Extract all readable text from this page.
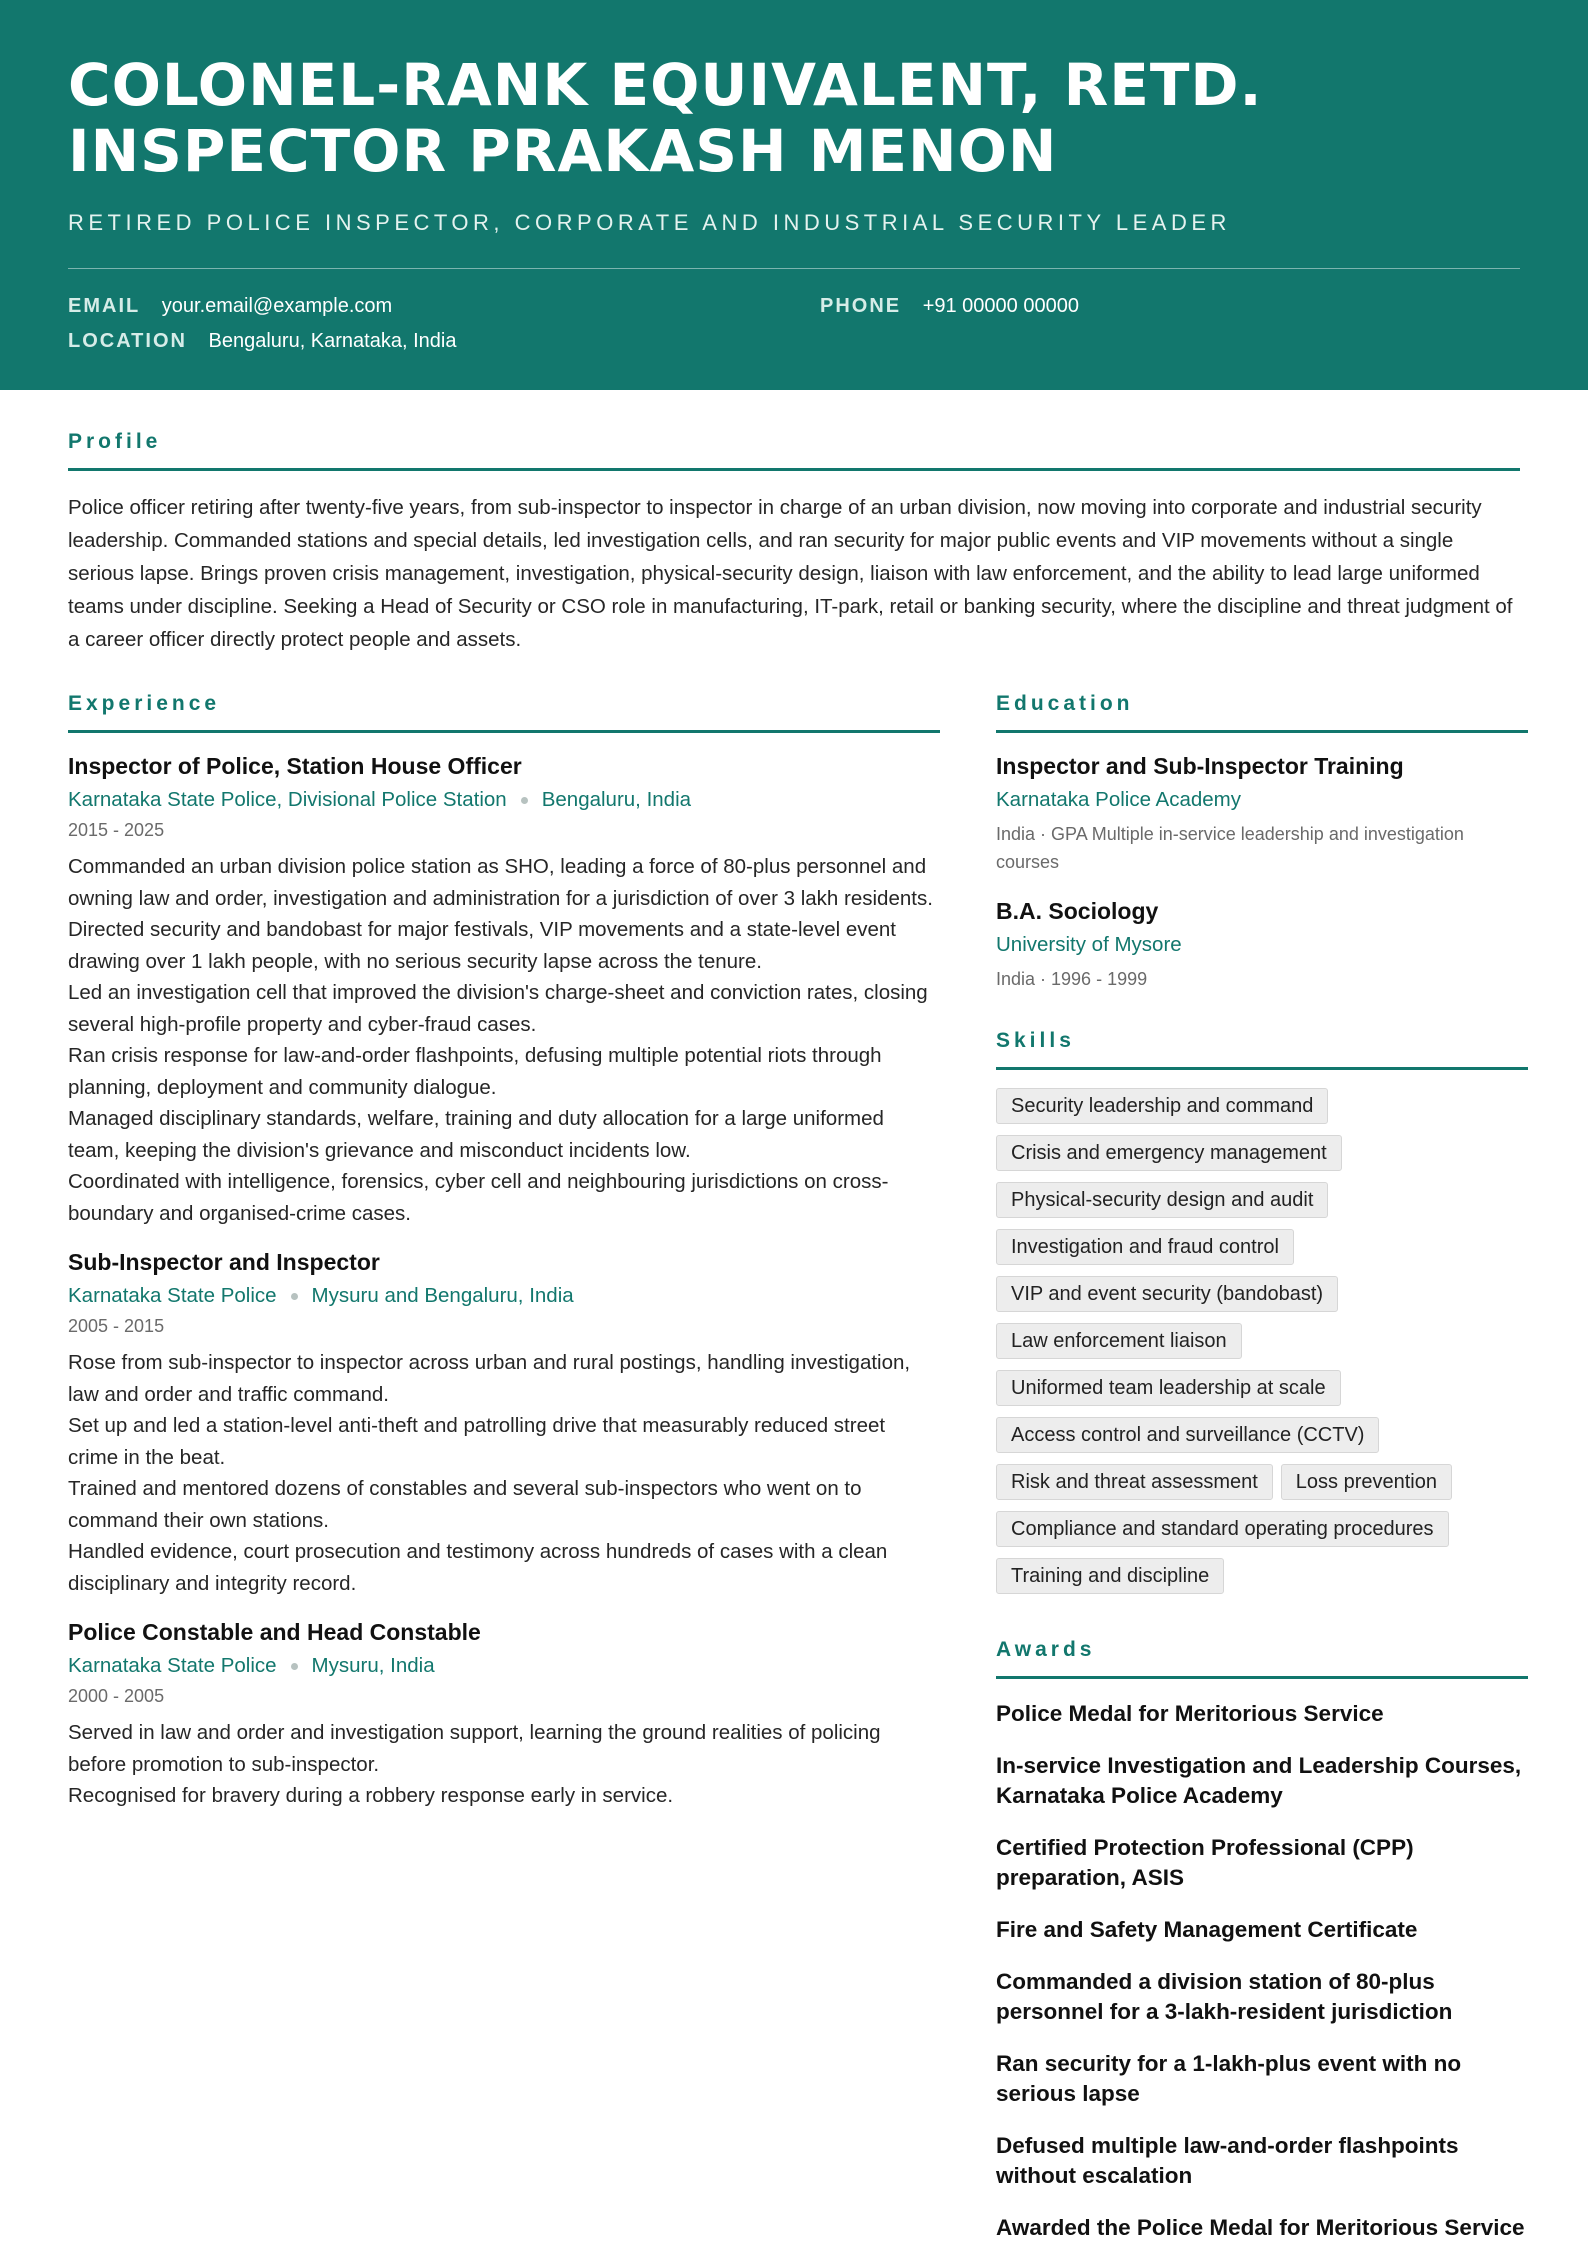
COLONEL-RANK EQUIVALENT, RETD.
INSPECTOR PRAKASH MENON
RETIRED POLICE INSPECTOR, CORPORATE AND INDUSTRIAL SECURITY LEADER
EMAIL your.email@example.com	PHONE +91 00000 00000
LOCATION Bengaluru, Karnataka, India
Profile
Police officer retiring after twenty-five years, from sub-inspector to inspector in charge of an urban division, now moving into corporate and industrial security leadership. Commanded stations and special details, led investigation cells, and ran security for major public events and VIP movements without a single serious lapse. Brings proven crisis management, investigation, physical-security design, liaison with law enforcement, and the ability to lead large uniformed teams under discipline. Seeking a Head of Security or CSO role in manufacturing, IT-park, retail or banking security, where the discipline and threat judgment of a career officer directly protect people and assets.
Experience
Inspector of Police, Station House Officer
Karnataka State Police, Divisional Police Station Bengaluru, India
2015 - 2025
Commanded an urban division police station as SHO, leading a force of 80-plus personnel and owning law and order, investigation and administration for a jurisdiction of over 3 lakh residents.
Directed security and bandobast for major festivals, VIP movements and a state-level event drawing over 1 lakh people, with no serious security lapse across the tenure.
Led an investigation cell that improved the division's charge-sheet and conviction rates, closing several high-profile property and cyber-fraud cases.
Ran crisis response for law-and-order flashpoints, defusing multiple potential riots through planning, deployment and community dialogue.
Managed disciplinary standards, welfare, training and duty allocation for a large uniformed team, keeping the division's grievance and misconduct incidents low.
Coordinated with intelligence, forensics, cyber cell and neighbouring jurisdictions on cross-boundary and organised-crime cases.
Sub-Inspector and Inspector
Karnataka State Police Mysuru and Bengaluru, India
2005 - 2015
Rose from sub-inspector to inspector across urban and rural postings, handling investigation, law and order and traffic command.
Set up and led a station-level anti-theft and patrolling drive that measurably reduced street crime in the beat.
Trained and mentored dozens of constables and several sub-inspectors who went on to command their own stations.
Handled evidence, court prosecution and testimony across hundreds of cases with a clean disciplinary and integrity record.
Police Constable and Head Constable
Karnataka State Police Mysuru, India
2000 - 2005
Served in law and order and investigation support, learning the ground realities of policing before promotion to sub-inspector.
Recognised for bravery during a robbery response early in service.
Education
Inspector and Sub-Inspector Training
Karnataka Police Academy
India · GPA Multiple in-service leadership and investigation courses
B.A. Sociology
University of Mysore
India · 1996 - 1999
Skills
Security leadership and command
Crisis and emergency management
Physical-security design and audit
Investigation and fraud control
VIP and event security (bandobast)
Law enforcement liaison
Uniformed team leadership at scale
Access control and surveillance (CCTV)
Risk and threat assessment	Loss prevention
Compliance and standard operating procedures
Training and discipline
Awards
Police Medal for Meritorious Service
In-service Investigation and Leadership Courses, Karnataka Police Academy
Certified Protection Professional (CPP) preparation, ASIS
Fire and Safety Management Certificate
Commanded a division station of 80-plus personnel for a 3-lakh-resident jurisdiction
Ran security for a 1-lakh-plus event with no serious lapse
Defused multiple law-and-order flashpoints without escalation
Awarded the Police Medal for Meritorious Service
